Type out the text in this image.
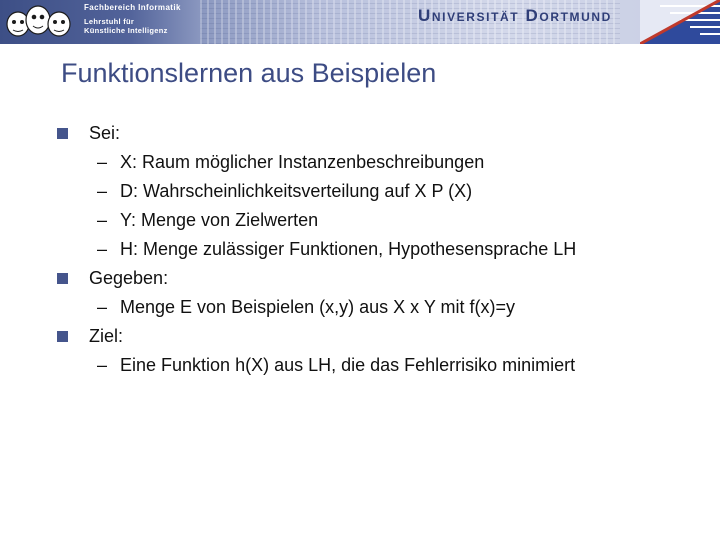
Fachbereich Informatik
Lehrstuhl für
Künstliche Intelligenz
Universität Dortmund
Funktionslernen aus Beispielen
Sei:
– X: Raum möglicher Instanzenbeschreibungen
– D: Wahrscheinlichkeitsverteilung auf X P (X)
– Y: Menge von Zielwerten
– H: Menge zulässiger Funktionen, Hypothesensprache LH
Gegeben:
– Menge E von Beispielen (x,y) aus X x Y mit f(x)=y
Ziel:
– Eine Funktion h(X) aus LH, die das Fehlerrisiko minimiert
